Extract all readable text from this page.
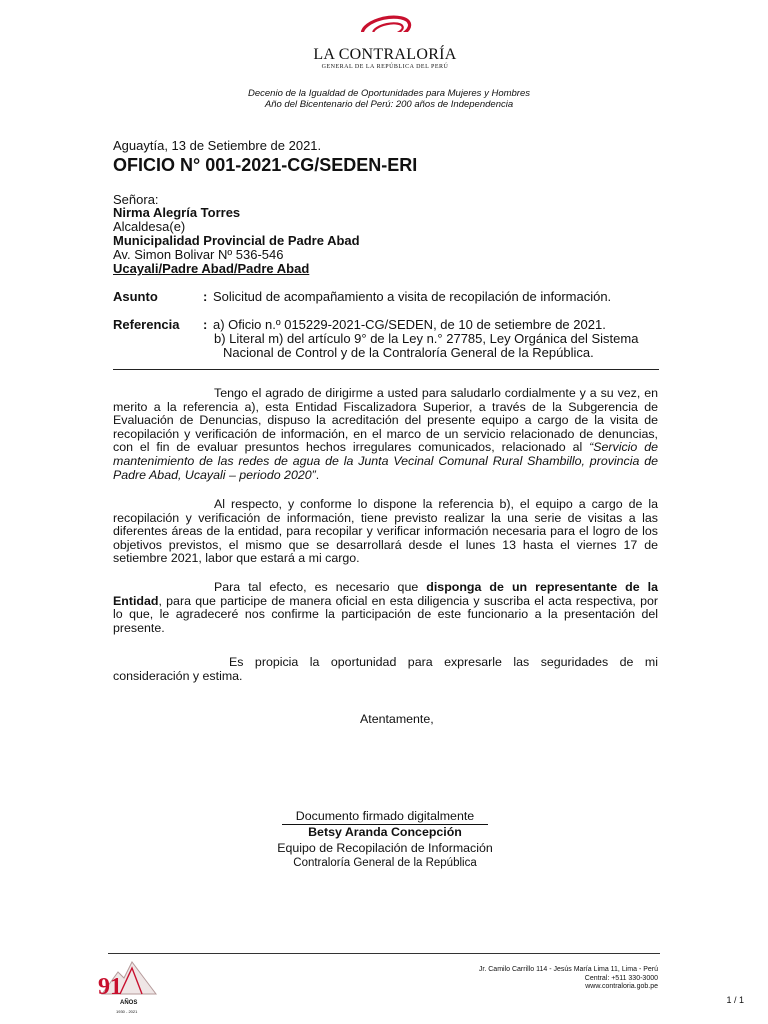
LA CONTRALORÍA
GENERAL DE LA REPÚBLICA DEL PERÚ
Decenio de la Igualdad de Oportunidades para Mujeres y Hombres
Año del Bicentenario del Perú: 200 años de Independencia
Aguaytía, 13 de Setiembre de 2021.
OFICIO N° 001-2021-CG/SEDEN-ERI
Señora:
Nirma Alegría Torres
Alcaldesa(e)
Municipalidad Provincial de Padre Abad
Av. Simon Bolivar Nº 536-546
Ucayali/Padre Abad/Padre Abad
Asunto	: Solicitud de acompañamiento a visita de recopilación de información.
Referencia : a) Oficio n.º 015229-2021-CG/SEDEN, de 10 de setiembre de 2021.
b) Literal m) del artículo 9° de la Ley n.° 27785, Ley Orgánica del Sistema
Nacional de Control y de la Contraloría General de la República.
Tengo el agrado de dirigirme a usted para saludarlo cordialmente y a su vez, en merito a la referencia a), esta Entidad Fiscalizadora Superior, a través de la Subgerencia de Evaluación de Denuncias, dispuso la acreditación del presente equipo a cargo de la visita de recopilación y verificación de información, en el marco de un servicio relacionado de denuncias, con el fin de evaluar presuntos hechos irregulares comunicados, relacionado al “Servicio de mantenimiento de las redes de agua de la Junta Vecinal Comunal Rural Shambillo, provincia de Padre Abad, Ucayali – periodo 2020”.
Al respecto, y conforme lo dispone la referencia b), el equipo a cargo de la recopilación y verificación de información, tiene previsto realizar la una serie de visitas a las diferentes áreas de la entidad, para recopilar y verificar información necesaria para el logro de los objetivos previstos, el mismo que se desarrollará desde el lunes 13 hasta el viernes 17 de setiembre 2021, labor que estará a mi cargo.
Para tal efecto, es necesario que disponga de un representante de la Entidad, para que participe de manera oficial en esta diligencia y suscriba el acta respectiva, por lo que, le agradeceré nos confirme la participación de este funcionario a la presentación del presente.
Es propicia la oportunidad para expresarle las seguridades de mi consideración y estima.
Atentamente,
Documento firmado digitalmente
Betsy Aranda Concepción
Equipo de Recopilación de Información
Contraloría General de la República
91
AÑOS
1930 - 2021
Jr. Camilo Carrillo 114 - Jesús María Lima 11, Lima - Perú
Central: +511 330-3000
www.contraloria.gob.pe
1 / 1
